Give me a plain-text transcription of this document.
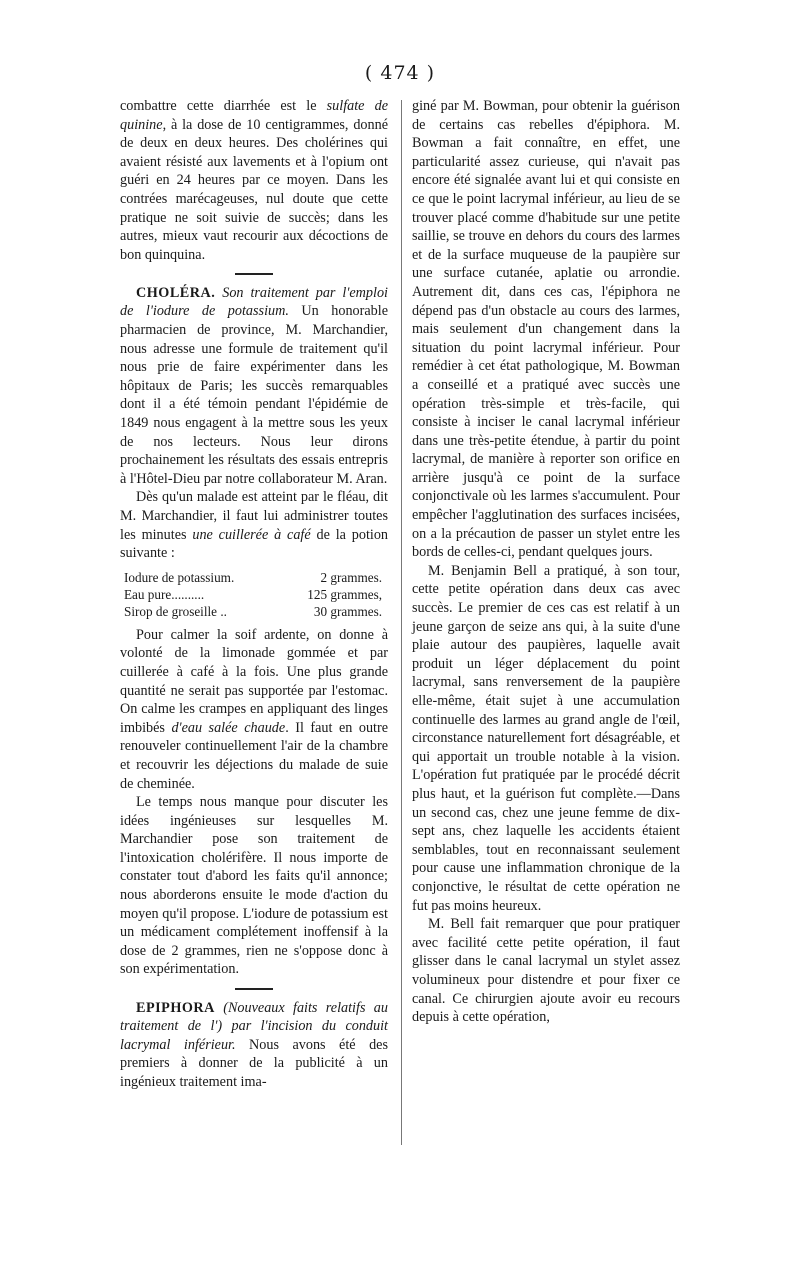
( 474 )

combattre cette diarrhée est le sulfate de quinine, à la dose de 10 centigrammes, donné de deux en deux heures. Des cholérines qui avaient résisté aux lavements et à l'opium ont guéri en 24 heures par ce moyen. Dans les contrées marécageuses, nul doute que cette pratique ne soit suivie de succès; dans les autres, mieux vaut recourir aux décoctions de bon quinquina.

CHOLÉRA. Son traitement par l'emploi de l'iodure de potassium. Un honorable pharmacien de province, M. Marchandier, nous adresse une formule de traitement qu'il nous prie de faire expérimenter dans les hôpitaux de Paris; les succès remarquables dont il a été témoin pendant l'épidémie de 1849 nous engagent à la mettre sous les yeux de nos lecteurs. Nous leur dirons prochainement les résultats des essais entrepris à l'Hôtel-Dieu par notre collaborateur M. Aran.

Dès qu'un malade est atteint par le fléau, dit M. Marchandier, il faut lui administrer toutes les minutes une cuillerée à café de la potion suivante :

Iodure de potassium.	2 grammes.
Eau pure..........	125 grammes,
Sirop de groseille ..	30 grammes.

Pour calmer la soif ardente, on donne à volonté de la limonade gommée et par cuillerée à café à la fois. Une plus grande quantité ne serait pas supportée par l'estomac. On calme les crampes en appliquant des linges imbibés d'eau salée chaude. Il faut en outre renouveler continuellement l'air de la chambre et recouvrir les déjections du malade de suie de cheminée.

Le temps nous manque pour discuter les idées ingénieuses sur lesquelles M. Marchandier pose son traitement de l'intoxication cholérifère. Il nous importe de constater tout d'abord les faits qu'il annonce; nous aborderons ensuite le mode d'action du moyen qu'il propose. L'iodure de potassium est un médicament complétement inoffensif à la dose de 2 grammes, rien ne s'oppose donc à son expérimentation.

EPIPHORA (Nouveaux faits relatifs au traitement de l') par l'incision du conduit lacrymal inférieur. Nous avons été des premiers à donner de la publicité à un ingénieux traitement ima-

giné par M. Bowman, pour obtenir la guérison de certains cas rebelles d'épiphora. M. Bowman a fait connaître, en effet, une particularité assez curieuse, qui n'avait pas encore été signalée avant lui et qui consiste en ce que le point lacrymal inférieur, au lieu de se trouver placé comme d'habitude sur une petite saillie, se trouve en dehors du cours des larmes et de la surface muqueuse de la paupière sur une surface cutanée, aplatie ou arrondie. Autrement dit, dans ces cas, l'épiphora ne dépend pas d'un obstacle au cours des larmes, mais seulement d'un changement dans la situation du point lacrymal inférieur. Pour remédier à cet état pathologique, M. Bowman a conseillé et a pratiqué avec succès une opération très-simple et très-facile, qui consiste à inciser le canal lacrymal inférieur dans une très-petite étendue, à partir du point lacrymal, de manière à reporter son orifice en arrière jusqu'à ce point de la surface conjonctivale où les larmes s'accumulent. Pour empêcher l'agglutination des surfaces incisées, on a la précaution de passer un stylet entre les bords de celles-ci, pendant quelques jours.

M. Benjamin Bell a pratiqué, à son tour, cette petite opération dans deux cas avec succès. Le premier de ces cas est relatif à un jeune garçon de seize ans qui, à la suite d'une plaie autour des paupières, laquelle avait produit un léger déplacement du point lacrymal, sans renversement de la paupière elle-même, était sujet à une accumulation continuelle des larmes au grand angle de l'œil, circonstance naturellement fort désagréable, et qui apportait un trouble notable à la vision. L'opération fut pratiquée par le procédé décrit plus haut, et la guérison fut complète.—Dans un second cas, chez une jeune femme de dix-sept ans, chez laquelle les accidents étaient semblables, tout en reconnaissant seulement pour cause une inflammation chronique de la conjonctive, le résultat de cette opération ne fut pas moins heureux.

M. Bell fait remarquer que pour pratiquer avec facilité cette petite opération, il faut glisser dans le canal lacrymal un stylet assez volumineux pour distendre et pour fixer ce canal. Ce chirurgien ajoute avoir eu recours depuis à cette opération,
